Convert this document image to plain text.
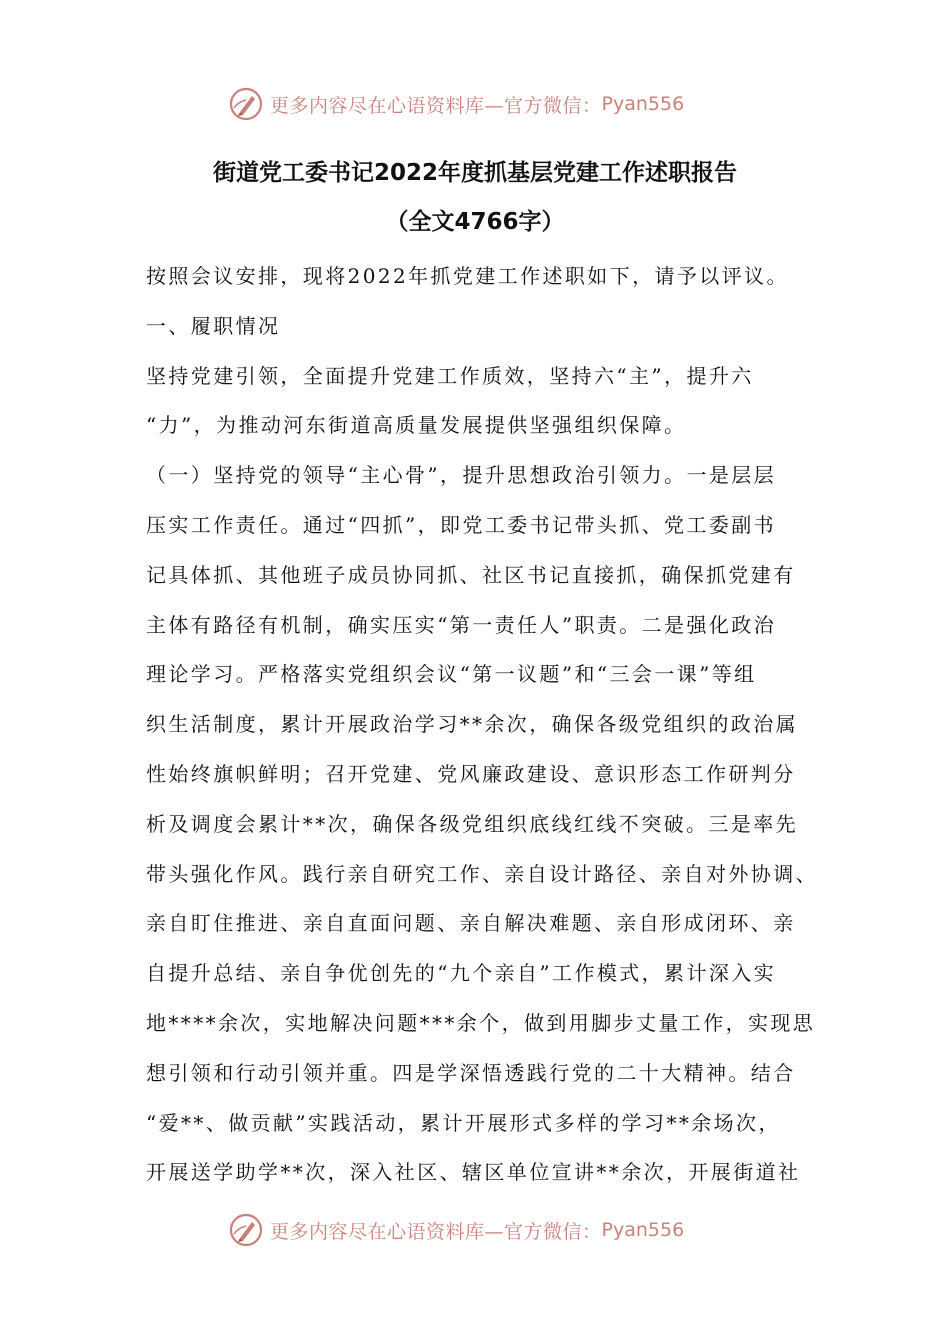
更多内容尽在心语资料库—官方微信： Pyan556
街道党工委书记2022年度抓基层党建工作述职报告
（全文4766字）
按照会议安排，现将2022年抓党建工作述职如下，请予以评议。
一、履职情况
坚持党建引领，全面提升党建工作质效，坚持六“主”，提升六
“力”，为推动河东街道高质量发展提供坚强组织保障。
（一）坚持党的领导“主心骨”，提升思想政治引领力。一是层层
压实工作责任。通过“四抓”，即党工委书记带头抓、党工委副书
记具体抓、其他班子成员协同抓、社区书记直接抓，确保抓党建有
主体有路径有机制，确实压实“第一责任人”职责。二是强化政治
理论学习。严格落实党组织会议“第一议题”和“三会一课”等组
织生活制度，累计开展政治学习**余次，确保各级党组织的政治属
性始终旗帜鲜明；召开党建、党风廉政建设、意识形态工作研判分
析及调度会累计**次，确保各级党组织底线红线不突破。三是率先
带头强化作风。践行亲自研究工作、亲自设计路径、亲自对外协调、
亲自盯住推进、亲自直面问题、亲自解决难题、亲自形成闭环、亲
自提升总结、亲自争优创先的“九个亲自”工作模式，累计深入实
地****余次，实地解决问题***余个，做到用脚步丈量工作，实现思
想引领和行动引领并重。四是学深悟透践行党的二十大精神。结合
“爱**、做贡献”实践活动，累计开展形式多样的学习**余场次，
开展送学助学**次，深入社区、辖区单位宣讲**余次，开展街道社
更多内容尽在心语资料库—官方微信： Pyan556
